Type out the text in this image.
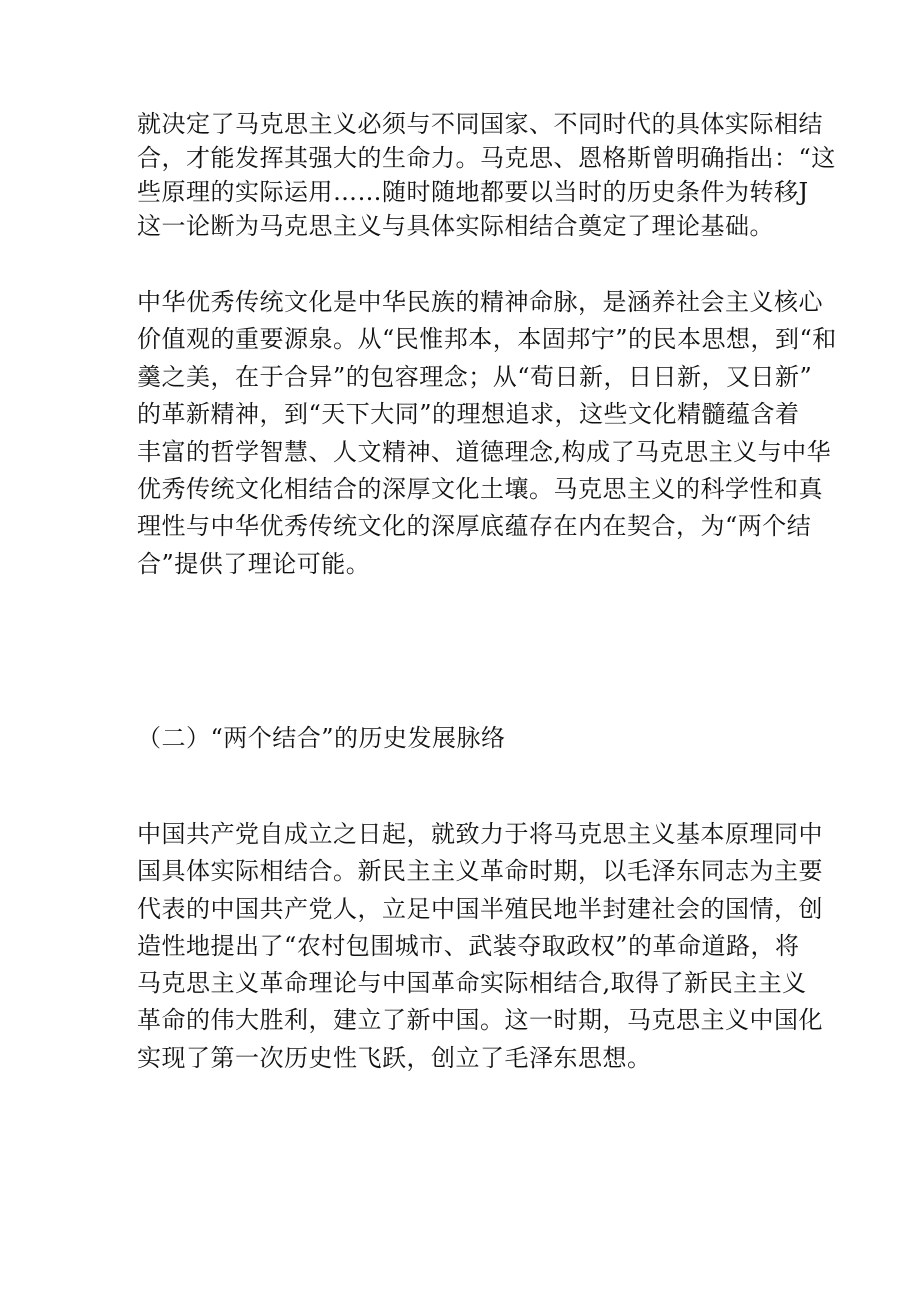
就决定了马克思主义必须与不同国家、不同时代的具体实际相结
合，才能发挥其强大的生命力。马克思、恩格斯曾明确指出：“这
些原理的实际运用……随时随地都要以当时的历史条件为转移J
这一论断为马克思主义与具体实际相结合奠定了理论基础。
中华优秀传统文化是中华民族的精神命脉，是涵养社会主义核心
价值观的重要源泉。从“民惟邦本，本固邦宁”的民本思想，到“和
羹之美，在于合异”的包容理念；从“荀日新，日日新，又日新”
的革新精神，到“天下大同”的理想追求，这些文化精髓蕴含着
丰富的哲学智慧、人文精神、道德理念,构成了马克思主义与中华
优秀传统文化相结合的深厚文化土壤。马克思主义的科学性和真
理性与中华优秀传统文化的深厚底蕴存在内在契合，为“两个结
合”提供了理论可能。
（二）“两个结合”的历史发展脉络
中国共产党自成立之日起，就致力于将马克思主义基本原理同中
国具体实际相结合。新民主主义革命时期，以毛泽东同志为主要
代表的中国共产党人，立足中国半殖民地半封建社会的国情，创
造性地提出了“农村包围城市、武装夺取政权”的革命道路，将
马克思主义革命理论与中国革命实际相结合,取得了新民主主义
革命的伟大胜利，建立了新中国。这一时期，马克思主义中国化
实现了第一次历史性飞跃，创立了毛泽东思想。
